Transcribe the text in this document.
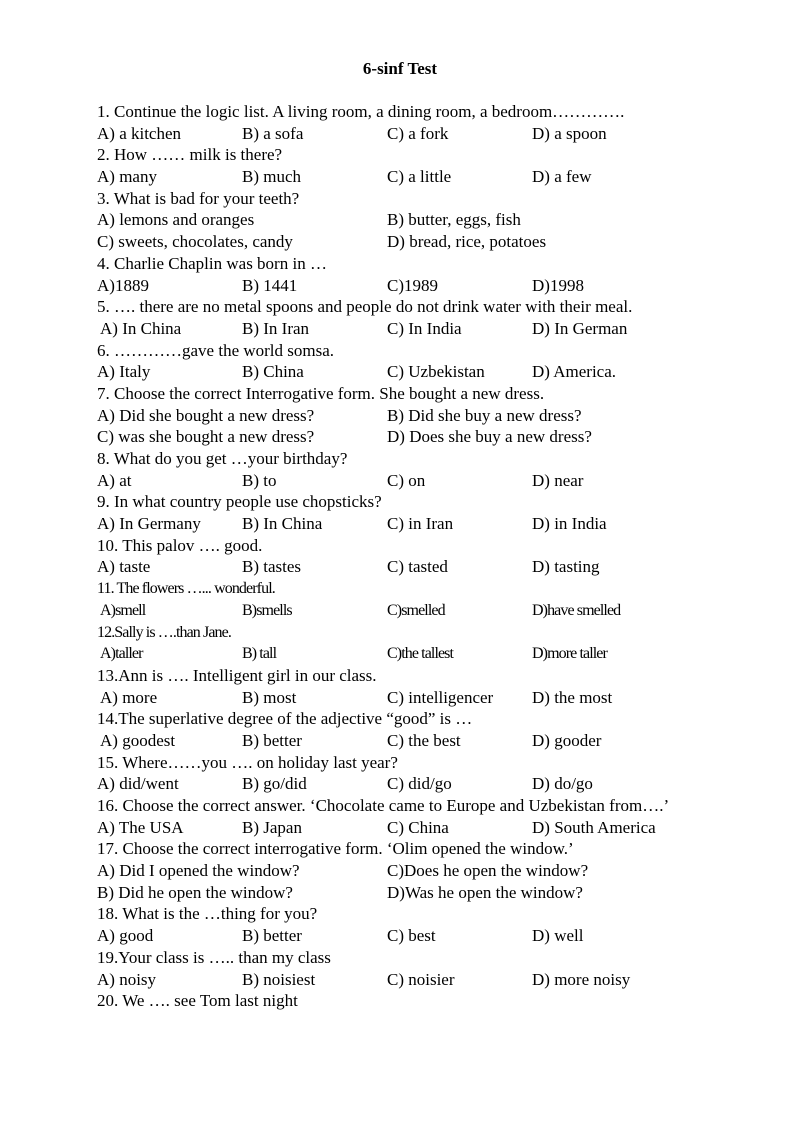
6-sinf Test
1. Continue the logic list. A living room, a dining room, a bedroom………….
A) a kitchen	B) a sofa	C) a fork	D) a spoon
2. How …… milk is there?
A) many	B) much	C) a little	D) a few
3. What is bad for your teeth?
A) lemons and oranges	B) butter, eggs, fish
C) sweets, chocolates, candy	D) bread, rice, potatoes
4. Charlie Chaplin was born in …
A)1889	B) 1441	C)1989	D)1998
5. …. there are no metal spoons and people do not drink water with their meal.
A) In China	B) In Iran	C) In India	D) In German
6. …………gave the world somsa.
A) Italy	B) China	C) Uzbekistan	D) America.
7. Choose the correct Interrogative form. She bought a new dress.
A) Did she bought a new dress?	B) Did she buy a new dress?
C) was she bought a new dress?	D) Does she buy a new dress?
8. What do you get …your birthday?
A) at	B) to	C) on	D) near
9. In what country people use chopsticks?
A) In Germany B) In China	C) in Iran	D) in India
10. This palov …. good.
A) taste	B) tastes	C) tasted	D) tasting
11. The flowers …... wonderful.
A)smell	B)smells	C)smelled	D)have smelled
12.Sally is ….than Jane.
A)taller	B) tall	C)the tallest	D)more taller
13.Ann is …. Intelligent girl in our class.
A) more	B) most	C) intelligencer D) the most
14.The superlative degree of the adjective “good” is …
A) goodest	B) better	C) the best	D) gooder
15. Where……you …. on holiday last year?
A) did/went	B) go/did	C) did/go	D) do/go
16. Choose the correct answer. ‘Chocolate came to Europe and Uzbekistan from….’
A) The USA	B) Japan	C) China	D) South America
17. Choose the correct interrogative form. ‘Olim opened the window.’
A) Did I opened the window?	C)Does he open the window?
B) Did he open the window?	D)Was he open the window?
18. What is the …thing for you?
A) good	B) better	C) best	D) well
19.Your class is ….. than my class
A) noisy	B) noisiest	C) noisier	D) more noisy
20. We …. see Tom last night
